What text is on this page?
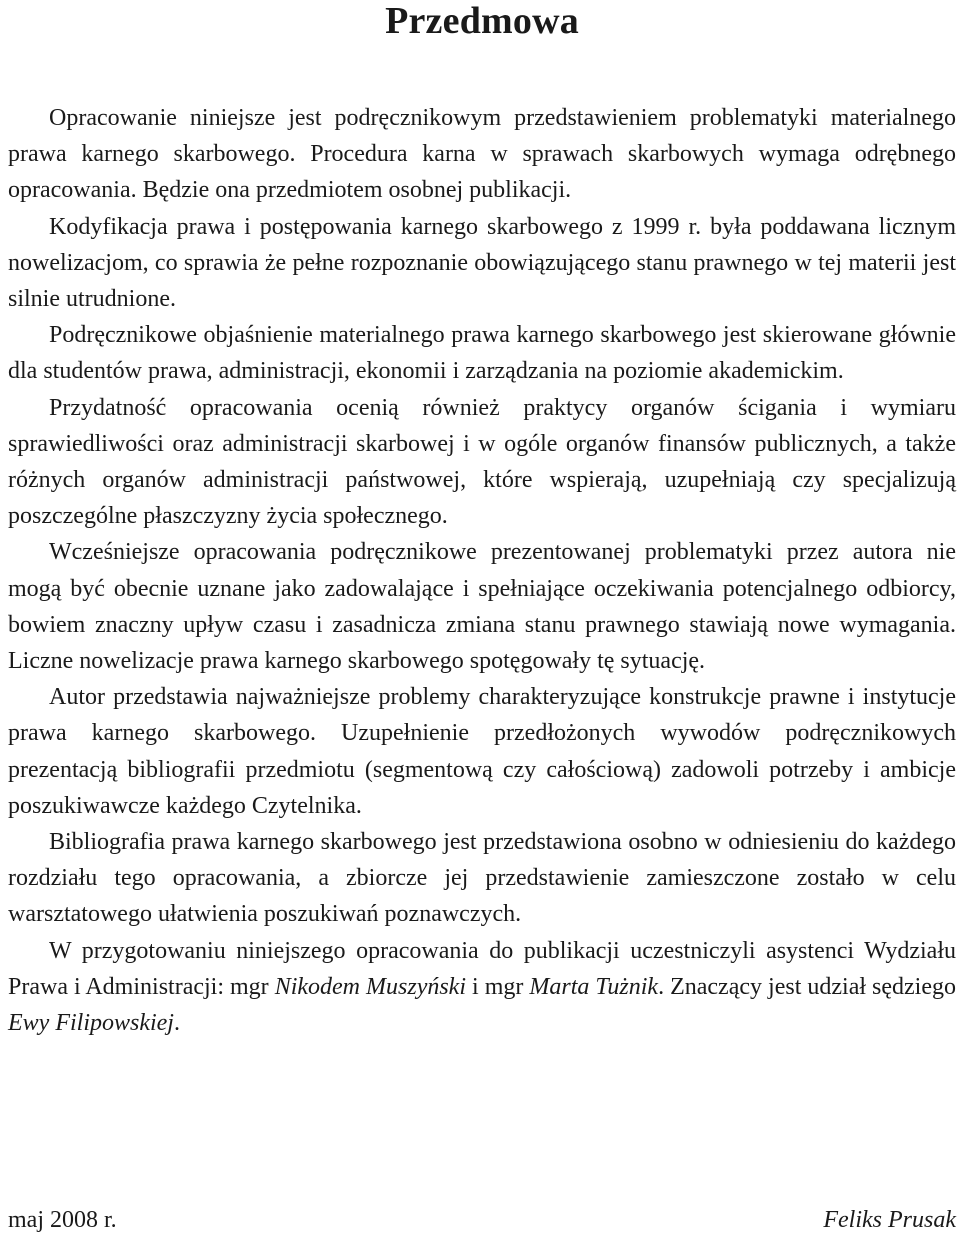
Przedmowa

Opracowanie niniejsze jest podręcznikowym przedstawieniem problematyki materialnego prawa karnego skarbowego. Procedura karna w sprawach skarbowych wymaga odrębnego opracowania. Będzie ona przedmiotem osobnej publikacji.

Kodyfikacja prawa i postępowania karnego skarbowego z 1999 r. była poddawana licznym nowelizacjom, co sprawia że pełne rozpoznanie obowiązującego stanu prawnego w tej materii jest silnie utrudnione.

Podręcznikowe objaśnienie materialnego prawa karnego skarbowego jest skierowane głównie dla studentów prawa, administracji, ekonomii i zarządzania na poziomie akademickim.

Przydatność opracowania ocenią również praktycy organów ścigania i wymiaru sprawiedliwości oraz administracji skarbowej i w ogóle organów finansów publicznych, a także różnych organów administracji państwowej, które wspierają, uzupełniają czy specjalizują poszczególne płaszczyzny życia społecznego.

Wcześniejsze opracowania podręcznikowe prezentowanej problematyki przez autora nie mogą być obecnie uznane jako zadowalające i spełniające oczekiwania potencjalnego odbiorcy, bowiem znaczny upływ czasu i zasadnicza zmiana stanu prawnego stawiają nowe wymagania. Liczne nowelizacje prawa karnego skarbowego spotęgowały tę sytuację.

Autor przedstawia najważniejsze problemy charakteryzujące konstrukcje prawne i instytucje prawa karnego skarbowego. Uzupełnienie przedłożonych wywodów podręcznikowych prezentacją bibliografii przedmiotu (segmentową czy całościową) zadowoli potrzeby i ambicje poszukiwawcze każdego Czytelnika.

Bibliografia prawa karnego skarbowego jest przedstawiona osobno w odniesieniu do każdego rozdziału tego opracowania, a zbiorcze jej przedstawienie zamieszczone zostało w celu warsztatowego ułatwienia poszukiwań poznawczych.

W przygotowaniu niniejszego opracowania do publikacji uczestniczyli asystenci Wydziału Prawa i Administracji: mgr Nikodem Muszyński i mgr Marta Tużnik. Znaczący jest udział sędziego Ewy Filipowskiej.

maj 2008 r.	Feliks Prusak
